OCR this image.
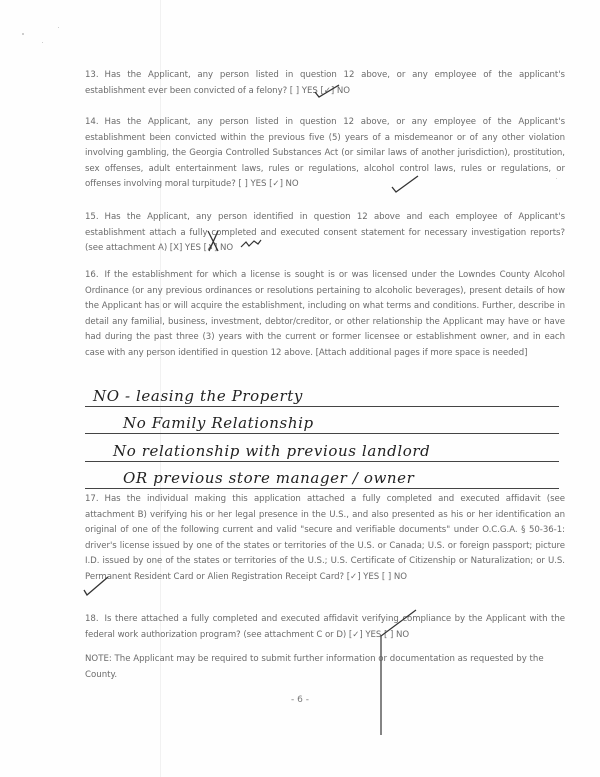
13. Has the Applicant, any person listed in question 12 above, or any employee of the applicant's establishment ever been convicted of a felony? [ ] YES [✓] NO
14. Has the Applicant, any person listed in question 12 above, or any employee of the Applicant's establishment been convicted within the previous five (5) years of a misdemeanor or of any other violation involving gambling, the Georgia Controlled Substances Act (or similar laws of another jurisdiction), prostitution, sex offenses, adult entertainment laws, rules or regulations, alcohol control laws, rules or regulations, or offenses involving moral turpitude? [ ] YES [✓] NO
15. Has the Applicant, any person identified in question 12 above and each employee of Applicant's establishment attach a fully completed and executed consent statement for necessary investigation reports? (see attachment A) [X] YES [✗] NO
16. If the establishment for which a license is sought is or was licensed under the Lowndes County Alcohol Ordinance (or any previous ordinances or resolutions pertaining to alcoholic beverages), present details of how the Applicant has or will acquire the establishment, including on what terms and conditions. Further, describe in detail any familial, business, investment, debtor/creditor, or other relationship the Applicant may have or have had during the past three (3) years with the current or former licensee or establishment owner, and in each case with any person identified in question 12 above. [Attach additional pages if more space is needed]
NO - leasing the Property
No Family Relationship
No relationship with previous landlord
OR previous store manager / owner
17. Has the individual making this application attached a fully completed and executed affidavit (see attachment B) verifying his or her legal presence in the U.S., and also presented as his or her identification an original of one of the following current and valid "secure and verifiable documents" under O.C.G.A. § 50-36-1: driver's license issued by one of the states or territories of the U.S. or Canada; U.S. or foreign passport; picture I.D. issued by one of the states or territories of the U.S.; U.S. Certificate of Citizenship or Naturalization; or U.S. Permanent Resident Card or Alien Registration Receipt Card? [✓] YES [ ] NO
18. Is there attached a fully completed and executed affidavit verifying compliance by the Applicant with the federal work authorization program? (see attachment C or D) [✓] YES [ ] NO
NOTE: The Applicant may be required to submit further information or documentation as requested by the County.
- 6 -
